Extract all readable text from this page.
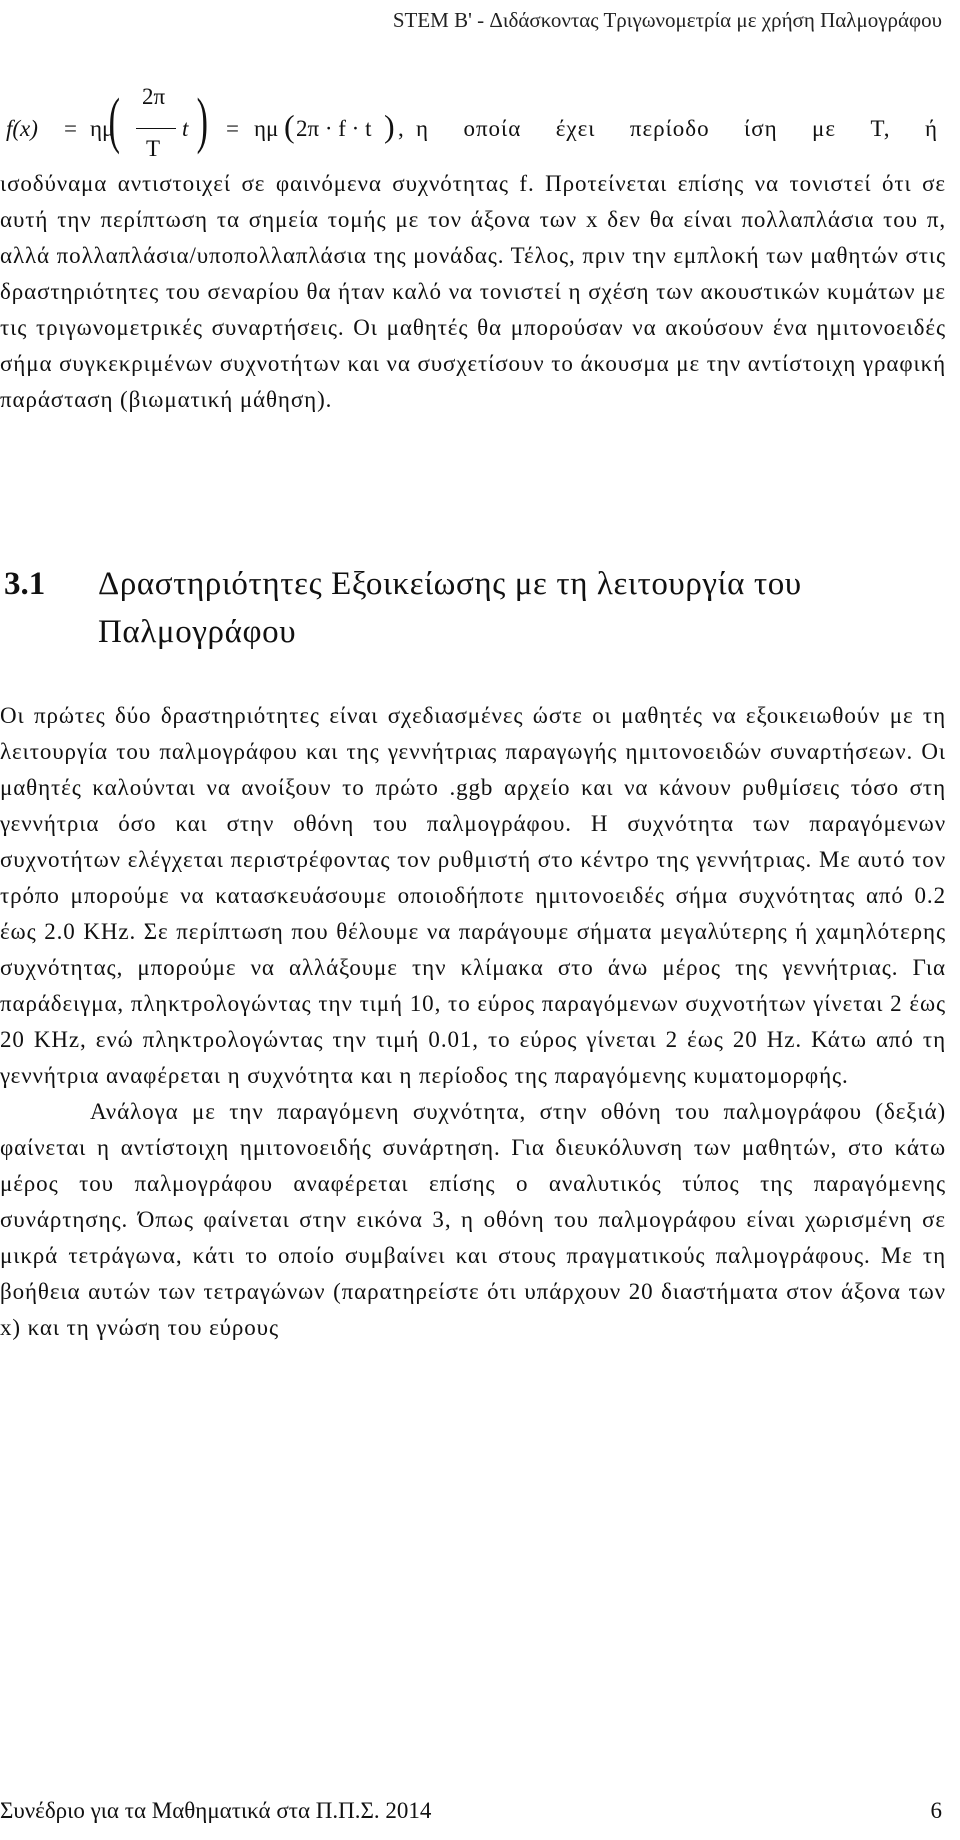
STEM B' - Διδάσκοντας Τριγωνομετρία με χρήση Παλμογράφου
f(x) = ημ
( 2π
T
t ) = ημ ( 2π · f · t ) , η οποία έχει περίοδο ίση με T, ή

ισοδύναμα αντιστοιχεί σε φαινόμενα συχνότητας f. Προτείνεται επίσης να τονιστεί ότι σε αυτή την περίπτωση τα σημεία τομής με τον άξονα των x δεν θα είναι πολλαπλάσια του π, αλλά πολλαπλάσια/υποπολλαπλάσια της μονάδας. Τέλος, πριν την εμπλοκή των μαθητών στις δραστηριότητες του σεναρίου θα ήταν καλό να τονιστεί η σχέση των ακουστικών κυμάτων με τις τριγωνομετρικές συναρτήσεις. Οι μαθητές θα μπορούσαν να ακούσουν ένα ημιτονοειδές σήμα συγκεκριμένων συχνοτήτων και να συσχετίσουν το άκουσμα με την αντίστοιχη γραφική παράσταση (βιωματική μάθηση).

3.1 Δραστηριότητες Εξοικείωσης με τη λειτουργία του Παλμογράφου

Οι πρώτες δύο δραστηριότητες είναι σχεδιασμένες ώστε οι μαθητές να εξοικειωθούν με τη λειτουργία του παλμογράφου και της γεννήτριας παραγωγής ημιτονοειδών συναρτήσεων. Οι μαθητές καλούνται να ανοίξουν το πρώτο .ggb αρχείο και να κάνουν ρυθμίσεις τόσο στη γεννήτρια όσο και στην οθόνη του παλμογράφου. Η συχνότητα των παραγόμενων συχνοτήτων ελέγχεται περιστρέφοντας τον ρυθμιστή στο κέντρο της γεννήτριας. Με αυτό τον τρόπο μπορούμε να κατασκευάσουμε οποιοδήποτε ημιτονοειδές σήμα συχνότητας από 0.2 έως 2.0 KHz. Σε περίπτωση που θέλουμε να παράγουμε σήματα μεγαλύτερης ή χαμηλότερης συχνότητας, μπορούμε να αλλάξουμε την κλίμακα στο άνω μέρος της γεννήτριας. Για παράδειγμα, πληκτρολογώντας την τιμή 10, το εύρος παραγόμενων συχνοτήτων γίνεται 2 έως 20 KHz, ενώ πληκτρολογώντας την τιμή 0.01, το εύρος γίνεται 2 έως 20 Hz. Κάτω από τη γεννήτρια αναφέρεται η συχνότητα και η περίοδος της παραγόμενης κυματομορφής.

Ανάλογα με την παραγόμενη συχνότητα, στην οθόνη του παλμογράφου (δεξιά) φαίνεται η αντίστοιχη ημιτονοειδής συνάρτηση. Για διευκόλυνση των μαθητών, στο κάτω μέρος του παλμογράφου αναφέρεται επίσης ο αναλυτικός τύπος της παραγόμενης συνάρτησης. Όπως φαίνεται στην εικόνα 3, η οθόνη του παλμογράφου είναι χωρισμένη σε μικρά τετράγωνα, κάτι το οποίο συμβαίνει και στους πραγματικούς παλμογράφους. Με τη βοήθεια αυτών των τετραγώνων (παρατηρείστε ότι υπάρχουν 20 διαστήματα στον άξονα των x) και τη γνώση του εύρους

Συνέδριο για τα Μαθηματικά στα Π.Π.Σ. 2014	6
